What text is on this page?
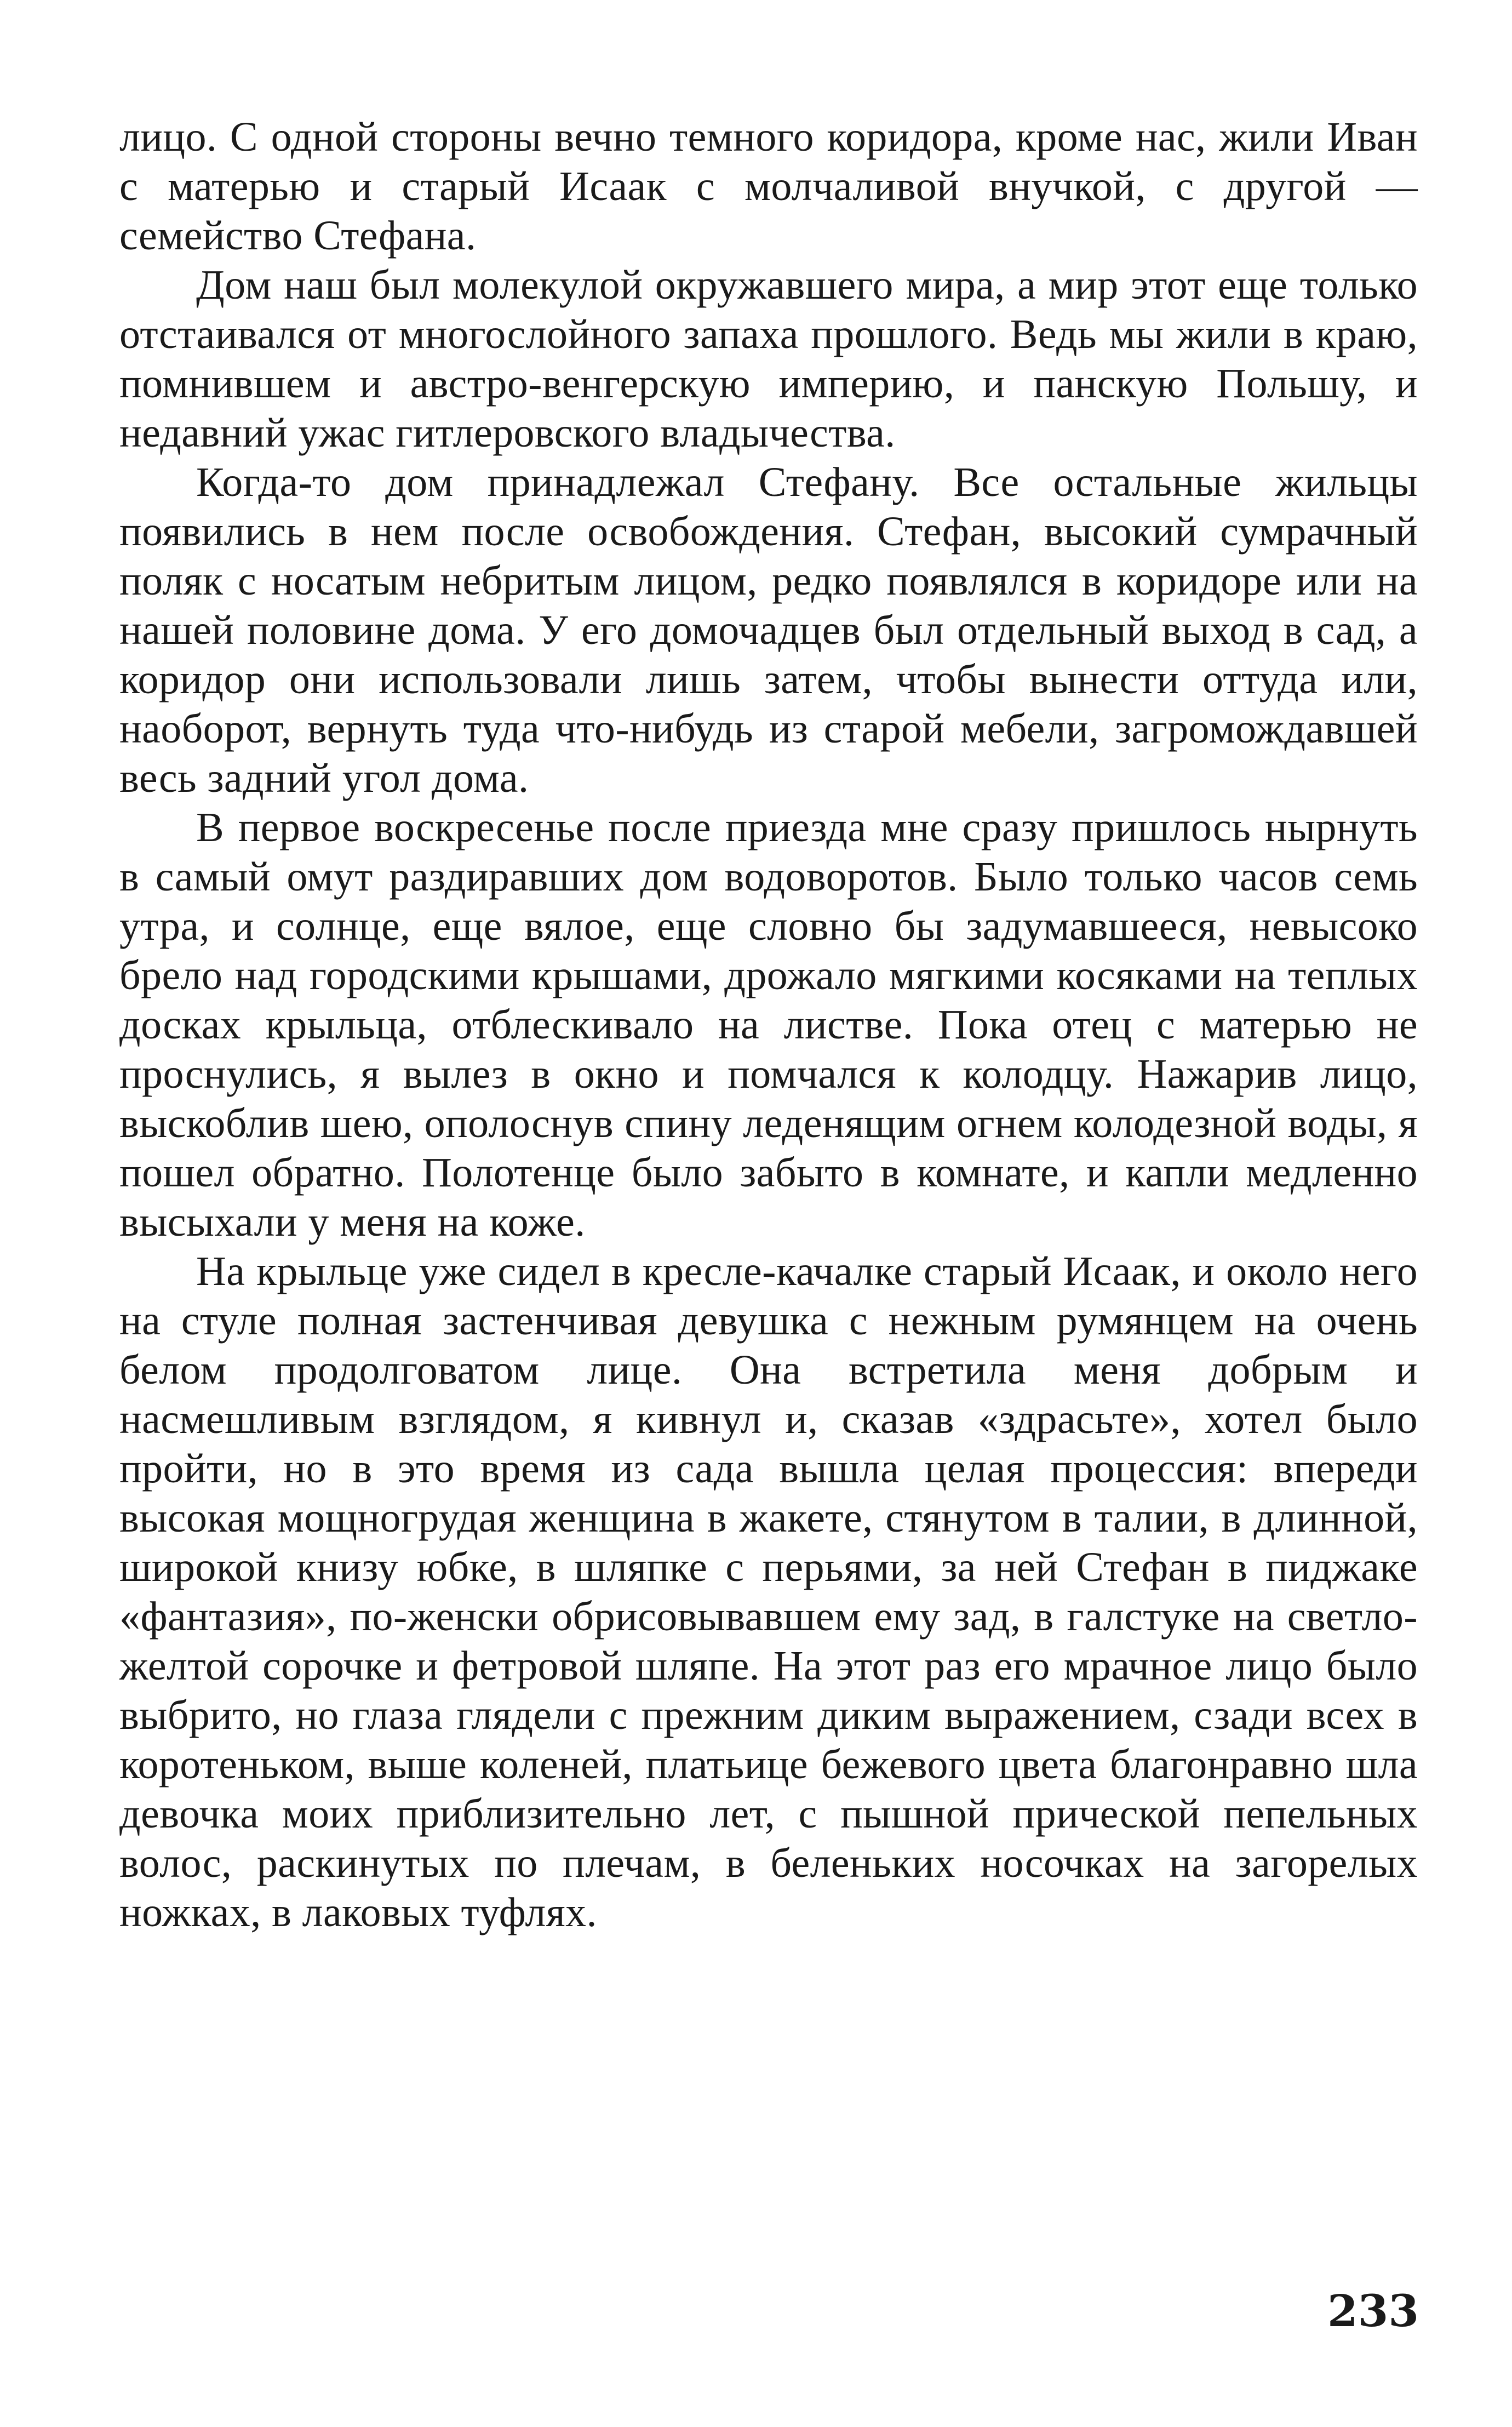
лицо. С одной стороны вечно темного коридора, кроме нас, жили Иван с матерью и старый Исаак с молчаливой внучкой, с другой — семейство Стефана.

Дом наш был молекулой окружавшего мира, а мир этот еще только отстаивался от многослойного запаха прошлого. Ведь мы жили в краю, помнившем и австро-венгерскую империю, и панскую Польшу, и недавний ужас гитлеровского владычества.

Когда-то дом принадлежал Стефану. Все остальные жильцы появились в нем после освобождения. Стефан, высокий сумрачный поляк с носатым небритым лицом, редко появлялся в коридоре или на нашей половине дома. У его домочадцев был отдельный выход в сад, а коридор они использовали лишь затем, чтобы вынести оттуда или, наоборот, вернуть туда что-нибудь из старой мебели, загромождавшей весь задний угол дома.

В первое воскресенье после приезда мне сразу пришлось нырнуть в самый омут раздиравших дом водоворотов. Было только часов семь утра, и солнце, еще вялое, еще словно бы задумавшееся, невысоко брело над городскими крышами, дрожало мягкими косяками на теплых досках крыльца, отблескивало на листве. Пока отец с матерью не проснулись, я вылез в окно и помчался к колодцу. Нажарив лицо, выскоблив шею, ополоснув спину леденящим огнем колодезной воды, я пошел обратно. Полотенце было забыто в комнате, и капли медленно высыхали у меня на коже.

На крыльце уже сидел в кресле-качалке старый Исаак, и около него на стуле полная застенчивая девушка с нежным румянцем на очень белом продолговатом лице. Она встретила меня добрым и насмешливым взглядом, я кивнул и, сказав «здрасьте», хотел было пройти, но в это время из сада вышла целая процессия: впереди высокая мощногрудая женщина в жакете, стянутом в талии, в длинной, широкой книзу юбке, в шляпке с перьями, за ней Стефан в пиджаке «фантазия», по-женски обрисовывавшем ему зад, в галстуке на светло-желтой сорочке и фетровой шляпе. На этот раз его мрачное лицо было выбрито, но глаза глядели с прежним диким выражением, сзади всех в коротеньком, выше коленей, платьице бежевого цвета благонравно шла девочка моих приблизительно лет, с пышной прической пепельных волос, раскинутых по плечам, в беленьких носочках на загорелых ножках, в лаковых туфлях.

233
